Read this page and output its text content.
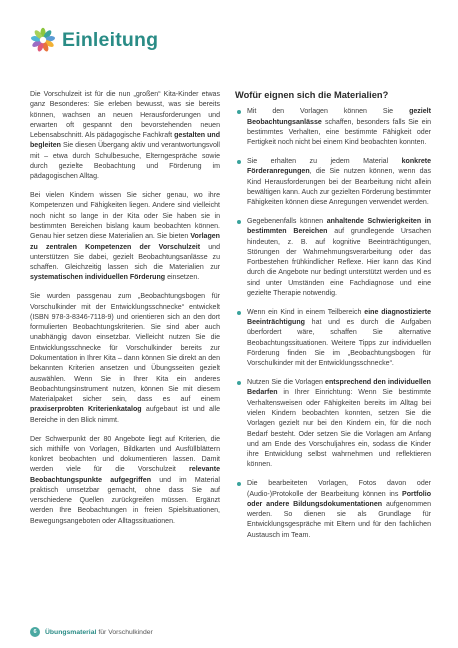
Einleitung

Die Vorschulzeit ist für die nun „großen“ Kita-Kinder etwas ganz Besonderes: Sie erleben bewusst, was sie bereits können, wachsen an neuen Herausforderungen und erwarten oft gespannt den bevorstehenden neuen Lebensabschnitt. Als pädagogische Fachkraft gestalten und begleiten Sie diesen Übergang aktiv und verantwortungsvoll mit – etwa durch Schulbesuche, Elterngespräche sowie durch gezielte Beobachtung und Förderung im pädagogischen Alltag.

Bei vielen Kindern wissen Sie sicher genau, wo ihre Kompetenzen und Fähigkeiten liegen. Andere sind vielleicht noch nicht so lange in der Kita oder Sie haben sie in bestimmten Bereichen bislang kaum beobachten können. Genau hier setzen diese Materialien an. Sie bieten Vorlagen zu zentralen Kompetenzen der Vorschulzeit und unterstützen Sie dabei, gezielt Beobachtungsanlässe zu schaffen. Gleichzeitig lassen sich die Materialien zur systematischen individuellen Förderung einsetzen.

Sie wurden passgenau zum „Beobachtungsbogen für Vorschulkinder mit der Entwicklungsschnecke“ entwickelt (ISBN 978-3-8346-7118-9) und orientieren sich an den dort formulierten Beobachtungskriterien. Sie sind aber auch unabhängig davon einsetzbar. Vielleicht nutzen Sie die Entwicklungsschnecke für Vorschulkinder bereits zur Dokumentation in Ihrer Kita – dann können Sie direkt an den bekannten Kriterien ansetzen und Übungsseiten gezielt auswählen. Wenn Sie in Ihrer Kita ein anderes Beobachtungsinstrument nutzen, können Sie mit diesem Materialpaket sicher sein, dass es auf einem praxiserprobten Kriterienkatalog aufgebaut ist und alle Bereiche in den Blick nimmt.

Der Schwerpunkt der 80 Angebote liegt auf Kriterien, die sich mithilfe von Vorlagen, Bildkarten und Ausfüllblättern konkret beobachten und dokumentieren lassen. Damit werden viele für die Vorschulzeit relevante Beobachtungspunkte aufgegriffen und im Material praktisch umsetzbar gemacht, ohne dass Sie auf verschiedene Quellen zurückgreifen müssen. Ergänzt werden Ihre Beobachtungen in freien Spielsituationen, Bewegungsangeboten oder Alltagssituationen.

Wofür eignen sich die Materialien?
Mit den Vorlagen können Sie gezielt Beobachtungsanlässe schaffen, besonders falls Sie ein bestimmtes Verhalten, eine bestimmte Fähigkeit oder Fertigkeit noch nicht bei einem Kind beobachten konnten.
Sie erhalten zu jedem Material konkrete Förderanregungen, die Sie nutzen können, wenn das Kind Herausforderungen bei der Bearbeitung nicht allein bewältigen kann. Auch zur gezielten Förderung bestimmter Fähigkeiten können diese Anregungen verwendet werden.
Gegebenenfalls können anhaltende Schwierigkeiten in bestimmten Bereichen auf grundlegende Ursachen hindeuten, z. B. auf kognitive Beeinträchtigungen, Störungen der Wahrnehmungsverarbeitung oder das Fortbestehen frühkindlicher Reflexe. Hier kann das Kind durch die Angebote nur bedingt unterstützt werden und es sind unter Umständen eine Fachdiagnose und eine gezielte Therapie notwendig.
Wenn ein Kind in einem Teilbereich eine diagnostizierte Beeinträchtigung hat und es durch die Aufgaben überfordert wäre, schaffen Sie alternative Beobachtungssituationen. Weitere Tipps zur individuellen Förderung finden Sie im „Beobachtungsbogen für Vorschulkinder mit der Entwicklungsschnecke“.
Nutzen Sie die Vorlagen entsprechend den individuellen Bedarfen in Ihrer Einrichtung: Wenn Sie bestimmte Verhaltensweisen oder Fähigkeiten bereits im Alltag bei vielen Kindern beobachten konnten, setzen Sie die Vorlagen gezielt nur bei den Kindern ein, für die noch Bedarf besteht. Oder setzen Sie die Vorlagen am Anfang und am Ende des Vorschuljahres ein, sodass die Kinder ihre Entwicklung selbst wahrnehmen und reflektieren können.
Die bearbeiteten Vorlagen, Fotos davon oder (Audio-)Protokolle der Bearbeitung können ins Portfolio oder andere Bildungsdokumentationen aufgenommen werden. So dienen sie als Grundlage für Entwicklungsgespräche mit Eltern und für den fachlichen Austausch im Team.
6	Übungsmaterial für Vorschulkinder
